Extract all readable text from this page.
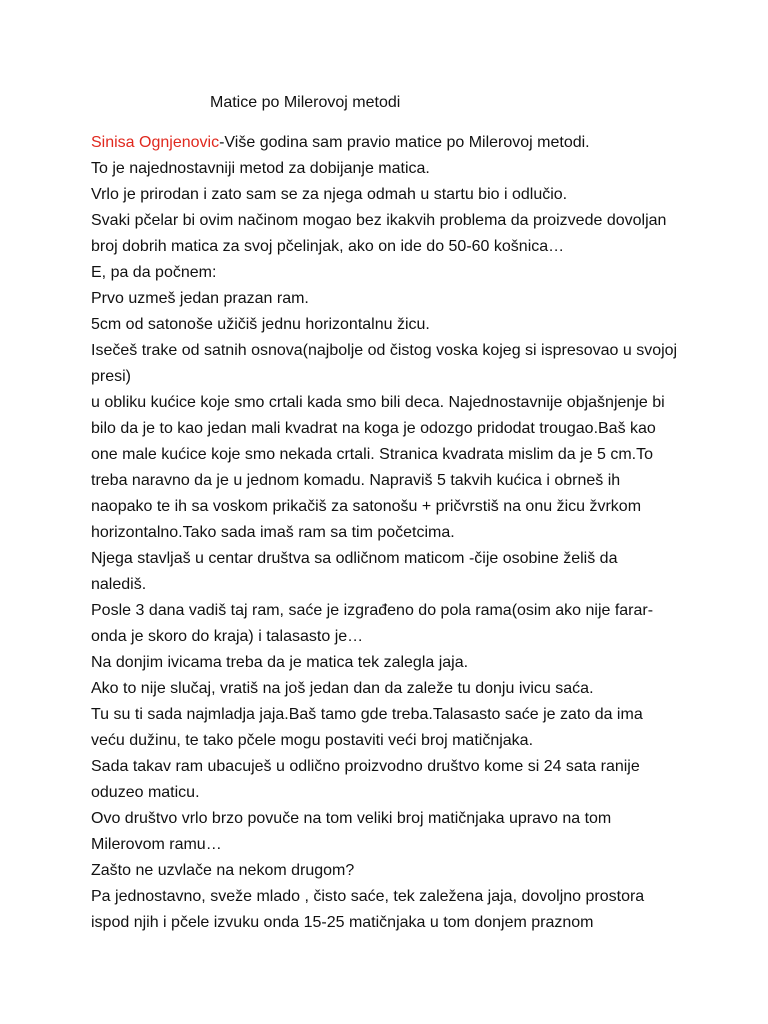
Matice po Milerovoj metodi
Sinisa Ognjenovic-Više godina sam pravio matice po Milerovoj metodi.
To je najednostavniji metod za dobijanje matica.
Vrlo je prirodan i zato sam se za njega odmah u startu bio i odlučio.
Svaki pčelar bi ovim načinom mogao bez ikakvih problema da proizvede dovoljan
broj dobrih matica za svoj pčelinjak, ako on ide do 50-60 košnica…
E, pa da počnem:
Prvo uzmeš jedan prazan ram.
5cm od satonoše užičiš jednu horizontalnu žicu.
Isečeš trake od satnih osnova(najbolje od čistog voska kojeg si ispresovao u svojoj
presi)
u obliku kućice koje smo crtali kada smo bili deca. Najednostavnije objašnjenje bi
bilo da je to kao jedan mali kvadrat na koga je odozgo pridodat trougao.Baš kao
one male kućice koje smo nekada crtali. Stranica kvadrata mislim da je 5 cm.To
treba naravno da je u jednom komadu. Napraviš 5 takvih kućica i obrneš ih
naopako te ih sa voskom prikačiš za satonošu + pričvrstiš na onu žicu žvrkom
horizontalno.Tako sada imaš ram sa tim početcima.
Njega stavljaš u centar društva sa odličnom maticom -čije osobine želiš da
nalediš.
Posle 3 dana vadiš taj ram, saće je izgrađeno do pola rama(osim ako nije farar-
onda je skoro do kraja) i talasasto je…
Na donjim ivicama treba da je matica tek zalegla jaja.
Ako to nije slučaj, vratiš na još jedan dan da zaleže tu donju ivicu saća.
Tu su ti sada najmladja jaja.Baš tamo gde treba.Talasasto saće je zato da ima
veću dužinu, te tako pčele mogu postaviti veći broj matičnjaka.
Sada takav ram ubacuješ u odlično proizvodno društvo kome si 24 sata ranije
oduzeo maticu.
Ovo društvo vrlo brzo povuče na tom veliki broj matičnjaka upravo na tom
Milerovom ramu…
Zašto ne uzvlače na nekom drugom?
Pa jednostavno, sveže mlado , čisto saće, tek zaležena jaja, dovoljno prostora
ispod njih i pčele izvuku onda 15-25 matičnjaka u tom donjem praznom
